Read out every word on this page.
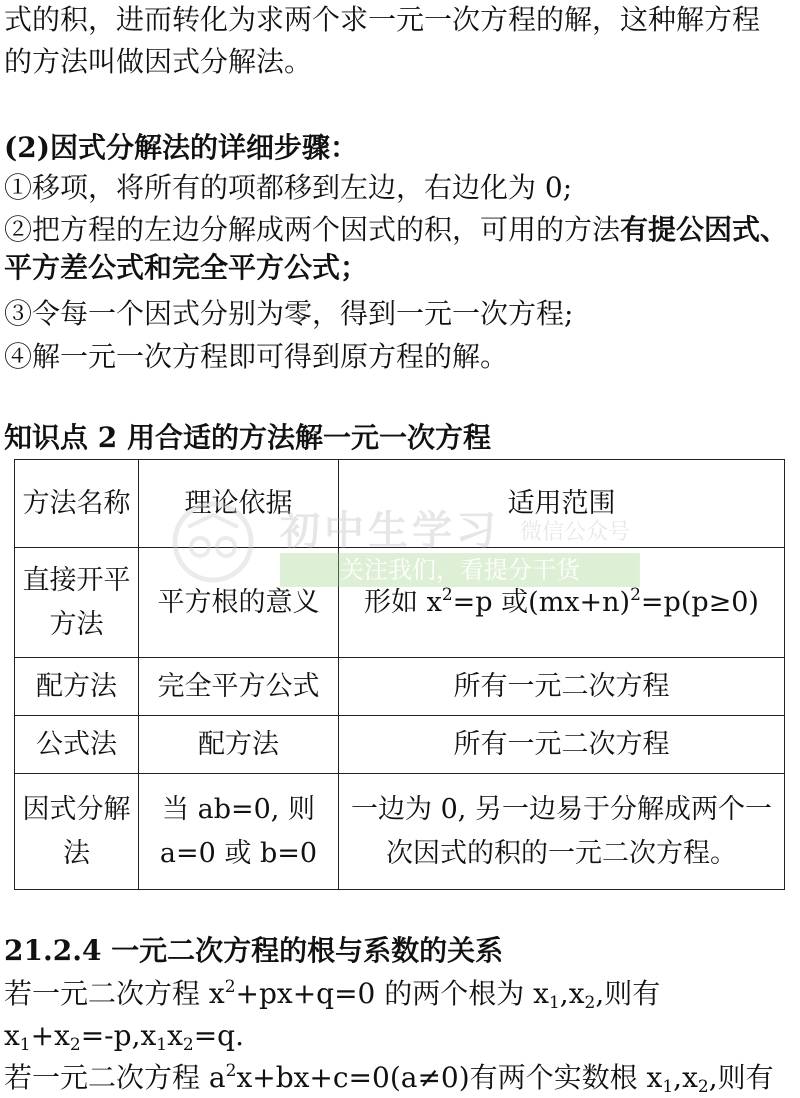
式的积，进而转化为求两个求一元一次方程的解，这种解方程
的方法叫做因式分解法。
(2)因式分解法的详细步骤：
①移项，将所有的项都移到左边，右边化为 0;
②把方程的左边分解成两个因式的积，可用的方法有提公因式、平方差公式和完全平方公式；
③令每一个因式分别为零，得到一元一次方程;
④解一元一次方程即可得到原方程的解。
知识点 2 用合适的方法解一元一次方程
方法名称	理论依据	适用范围
直接开平方法	平方根的意义	形如 $x^2=p$ 或$(mx+n)^2=p(p\ge 0)$
配方法	完全平方公式	所有一元二次方程
公式法	配方法	所有一元二次方程
因式分解法	当 ab=0, 则 a=0 或 b=0	一边为 0, 另一边易于分解成两个一次因式的积的一元二次方程。
初中生学习 微信公众号
关注我们，看提分干货
21.2.4 一元二次方程的根与系数的关系
若一元二次方程 $x^2+px+q=0$ 的两个根为 $x_1,x_2$,则有
$x_1+x_2=-p,x_1x_2=q$.
若一元二次方程 $a^2x+bx+c=0(a\ne 0)$有两个实数根 $x_1,x_2$,则有
